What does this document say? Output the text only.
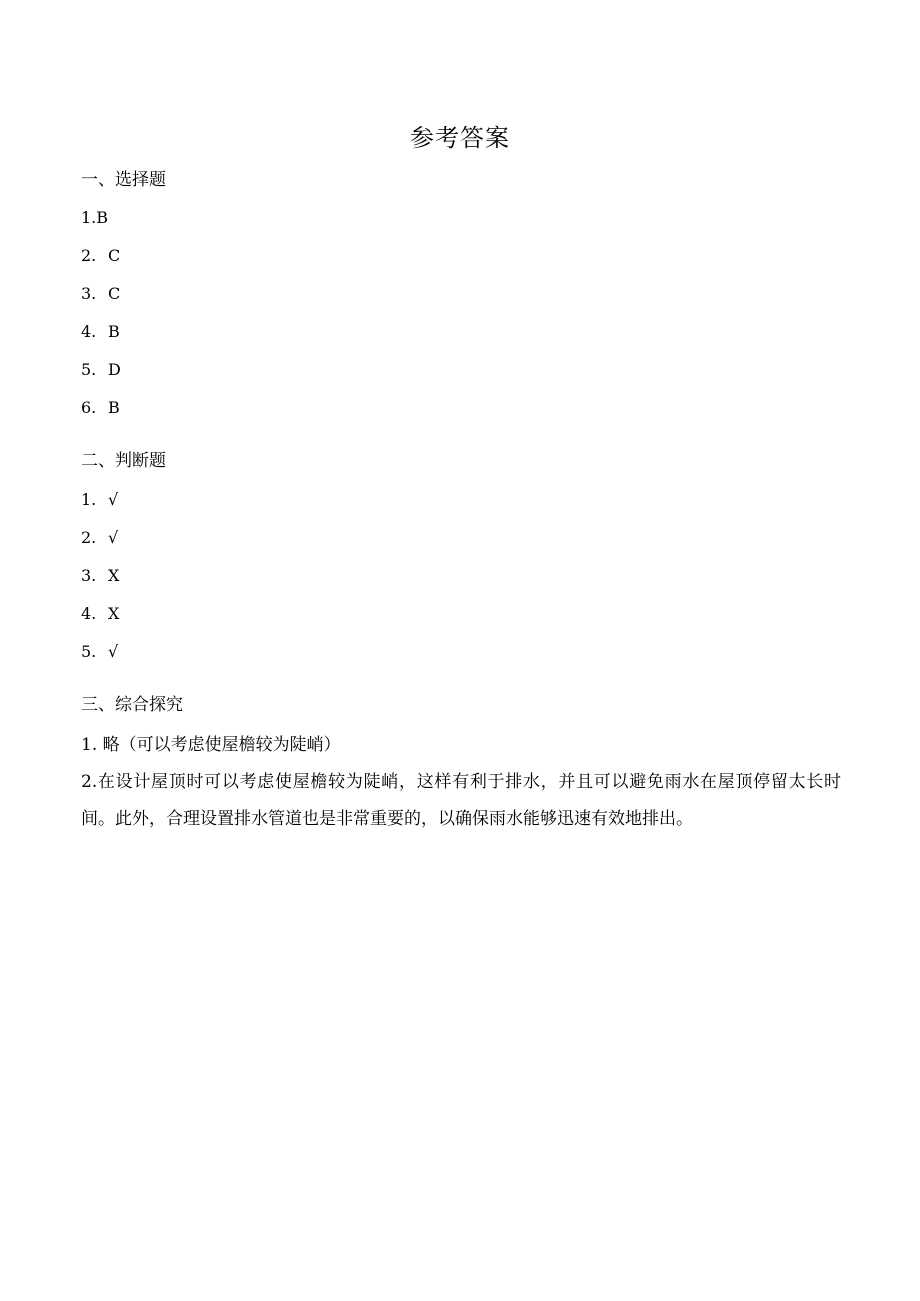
参考答案
一、选择题
1.B
2. C
3. C
4. B
5. D
6. B
二、判断题
1. √
2. √
3. X
4. X
5. √
三、综合探究
1. 略（可以考虑使屋檐较为陡峭）
2.在设计屋顶时可以考虑使屋檐较为陡峭，这样有利于排水，并且可以避免雨水在屋顶停留太长时间。此外，合理设置排水管道也是非常重要的，以确保雨水能够迅速有效地排出。
